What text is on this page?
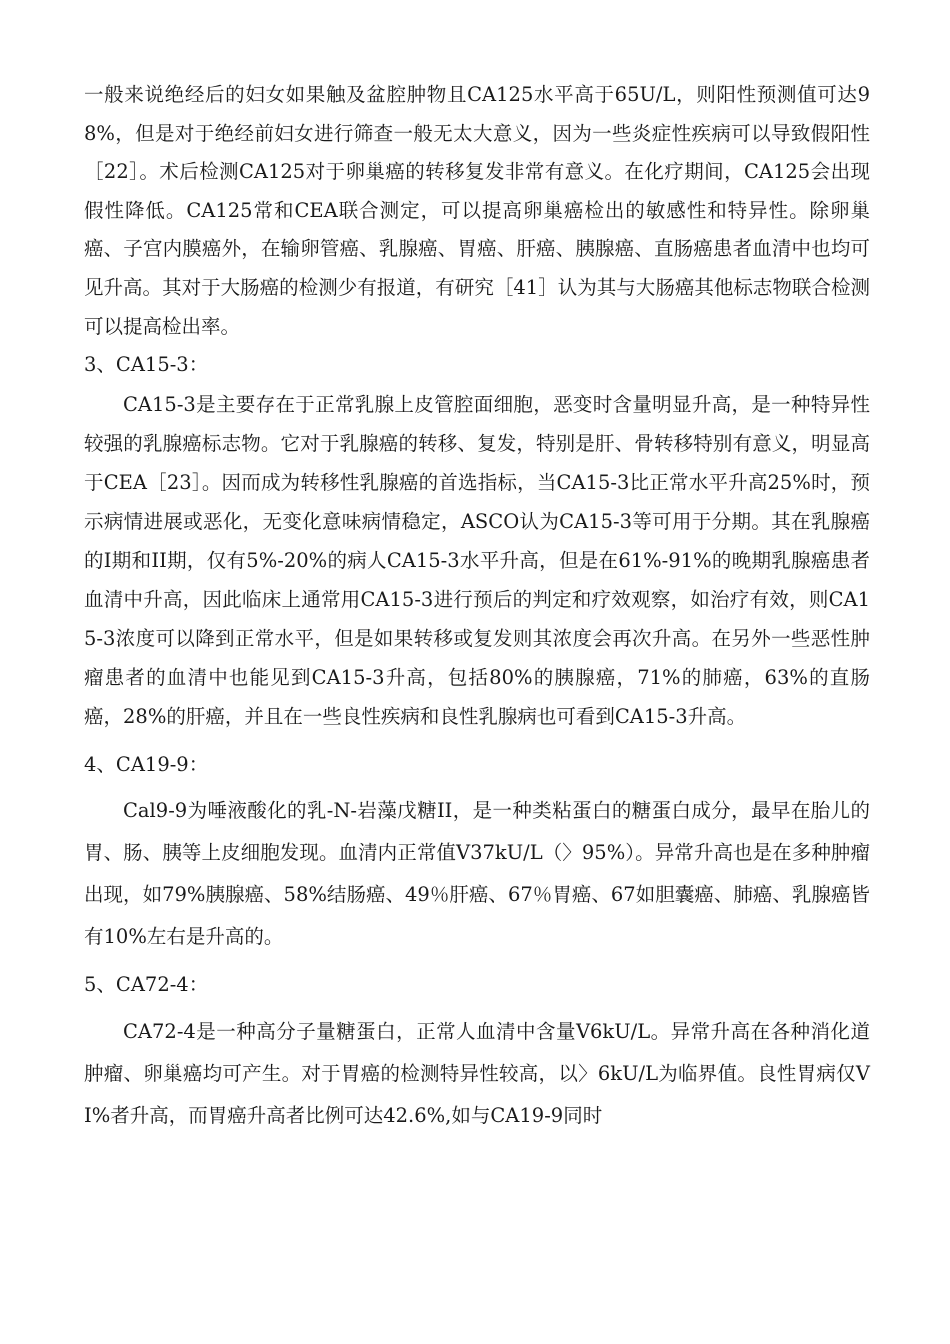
一般来说绝经后的妇女如果触及盆腔肿物且CA125水平高于65U/L，则阳性预测值可达98%，但是对于绝经前妇女进行筛查一般无太大意义，因为一些炎症性疾病可以导致假阳性［22］。术后检测CA125对于卵巢癌的转移复发非常有意义。在化疗期间，CA125会出现假性降低。CA125常和CEA联合测定，可以提高卵巢癌检出的敏感性和特异性。除卵巢癌、子宫内膜癌外，在输卵管癌、乳腺癌、胃癌、肝癌、胰腺癌、直肠癌患者血清中也均可见升高。其对于大肠癌的检测少有报道，有研究［41］认为其与大肠癌其他标志物联合检测可以提高检出率。

3、CA15-3：

CA15-3是主要存在于正常乳腺上皮管腔面细胞，恶变时含量明显升高，是一种特异性较强的乳腺癌标志物。它对于乳腺癌的转移、复发，特别是肝、骨转移特别有意义，明显高于CEA［23］。因而成为转移性乳腺癌的首选指标，当CA15-3比正常水平升高25%时，预示病情进展或恶化，无变化意味病情稳定，ASCO认为CA15-3等可用于分期。其在乳腺癌的I期和II期，仅有5%-20%的病人CA15-3水平升高，但是在61%-91%的晚期乳腺癌患者血清中升高，因此临床上通常用CA15-3进行预后的判定和疗效观察，如治疗有效，则CA15-3浓度可以降到正常水平，但是如果转移或复发则其浓度会再次升高。在另外一些恶性肿瘤患者的血清中也能见到CA15-3升高，包括80%的胰腺癌，71%的肺癌，63%的直肠癌，28%的肝癌，并且在一些良性疾病和良性乳腺病也可看到CA15-3升高。

4、CA19-9：

Cal9-9为唾液酸化的乳-N-岩藻戊糖II，是一种类粘蛋白的糖蛋白成分，最早在胎儿的胃、肠、胰等上皮细胞发现。血清内正常值V37kU/L（〉95%）。异常升高也是在多种肿瘤出现，如79%胰腺癌、58%结肠癌、49％肝癌、67％胃癌、67如胆囊癌、肺癌、乳腺癌皆有10%左右是升高的。

5、CA72-4：

CA72-4是一种高分子量糖蛋白，正常人血清中含量V6kU/L。异常升高在各种消化道肿瘤、卵巢癌均可产生。对于胃癌的检测特异性较高，以〉6kU/L为临界值。良性胃病仅VI%者升高，而胃癌升高者比例可达42.6%,如与CA19-9同时
